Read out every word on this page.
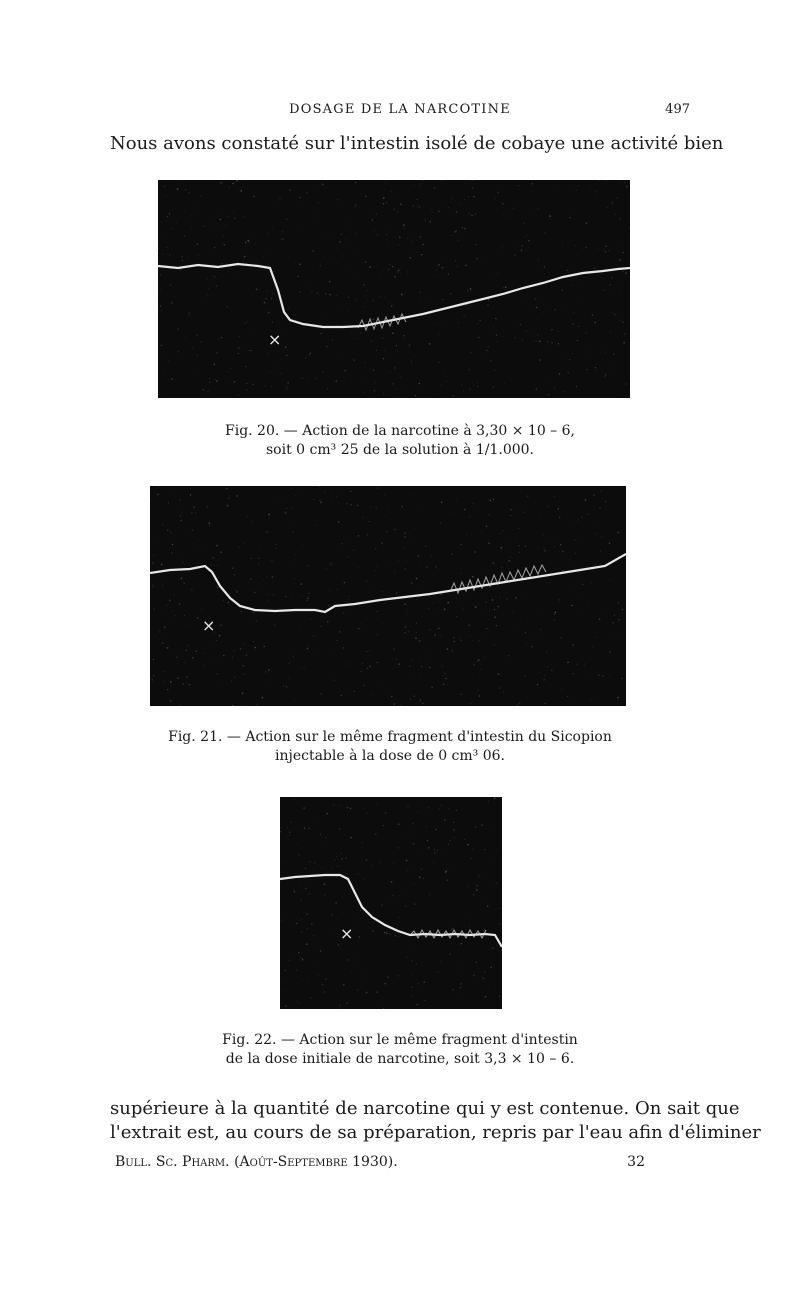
DOSAGE DE LA NARCOTINE	497
Nous avons constaté sur l'intestin isolé de cobaye une activité bien
×
Fig. 20. — Action de la narcotine à 3,30 × 10 – 6,
soit 0 cm³ 25 de la solution à 1/1.000.
×
Fig. 21. — Action sur le même fragment d'intestin du Sicopion
injectable à la dose de 0 cm³ 06.
×
Fig. 22. — Action sur le même fragment d'intestin
de la dose initiale de narcotine, soit 3,3 × 10 – 6.
supérieure à la quantité de narcotine qui y est contenue. On sait que
l'extrait est, au cours de sa préparation, repris par l'eau afin d'éliminer
Bull. Sc. Pharm. (Août-Septembre 1930).	32
